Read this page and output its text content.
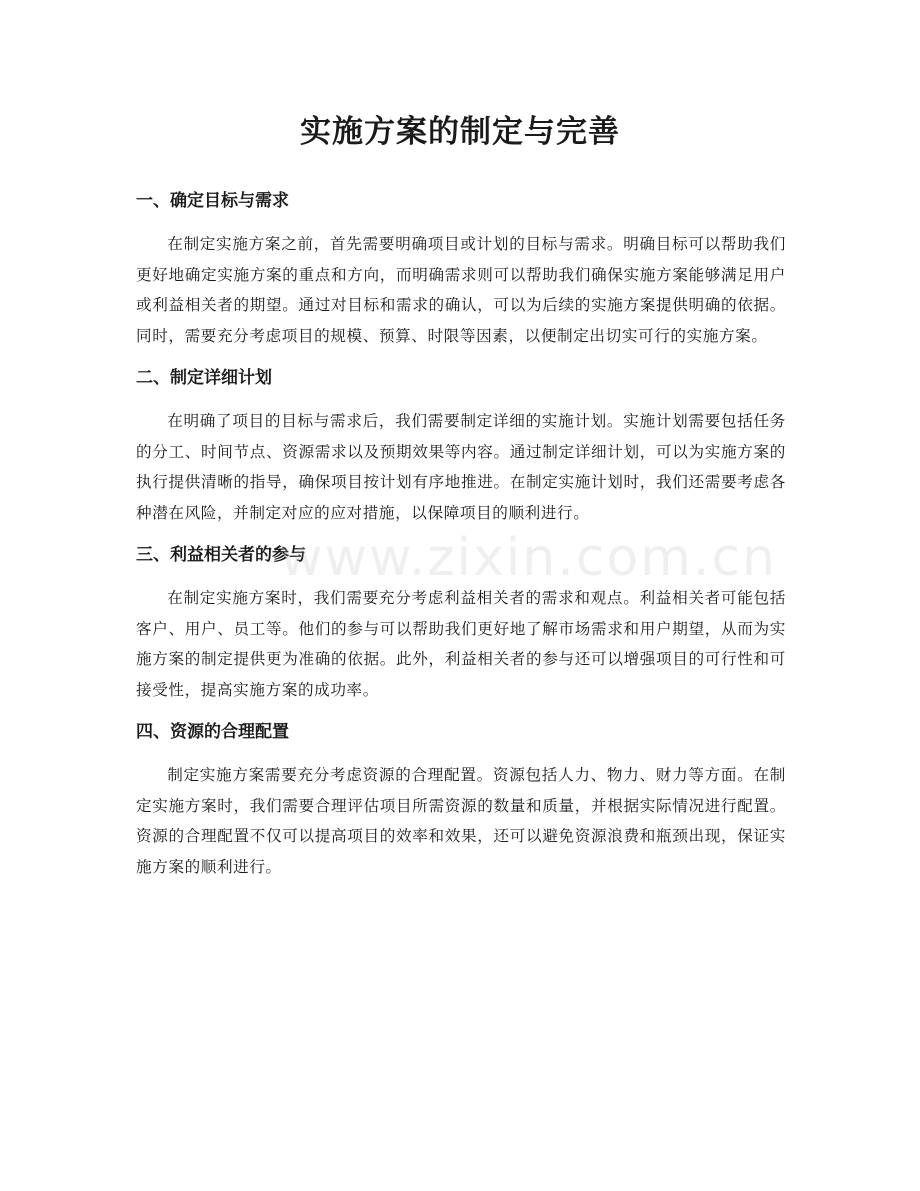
实施方案的制定与完善

一、确定目标与需求

在制定实施方案之前，首先需要明确项目或计划的目标与需求。明确目标可以帮助我们更好地确定实施方案的重点和方向，而明确需求则可以帮助我们确保实施方案能够满足用户或利益相关者的期望。通过对目标和需求的确认，可以为后续的实施方案提供明确的依据。同时，需要充分考虑项目的规模、预算、时限等因素，以便制定出切实可行的实施方案。

二、制定详细计划

在明确了项目的目标与需求后，我们需要制定详细的实施计划。实施计划需要包括任务的分工、时间节点、资源需求以及预期效果等内容。通过制定详细计划，可以为实施方案的执行提供清晰的指导，确保项目按计划有序地推进。在制定实施计划时，我们还需要考虑各种潜在风险，并制定对应的应对措施，以保障项目的顺利进行。

三、利益相关者的参与

在制定实施方案时，我们需要充分考虑利益相关者的需求和观点。利益相关者可能包括客户、用户、员工等。他们的参与可以帮助我们更好地了解市场需求和用户期望，从而为实施方案的制定提供更为准确的依据。此外，利益相关者的参与还可以增强项目的可行性和可接受性，提高实施方案的成功率。

四、资源的合理配置

制定实施方案需要充分考虑资源的合理配置。资源包括人力、物力、财力等方面。在制定实施方案时，我们需要合理评估项目所需资源的数量和质量，并根据实际情况进行配置。资源的合理配置不仅可以提高项目的效率和效果，还可以避免资源浪费和瓶颈出现，保证实施方案的顺利进行。

www.zixin.com.cn
